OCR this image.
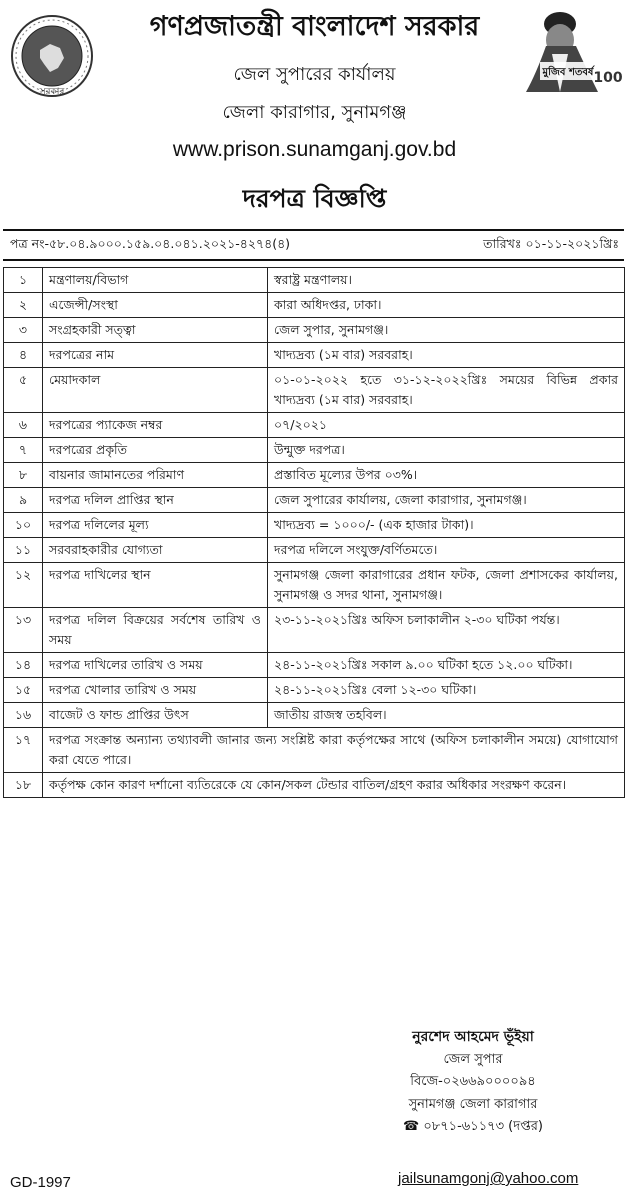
সরকার
মুজিব শতবর্ষ 100
গণপ্রজাতন্ত্রী বাংলাদেশ সরকার
জেল সুপারের কার্যালয়
জেলা কারাগার, সুনামগঞ্জ
www.prison.sunamganj.gov.bd
দরপত্র বিজ্ঞপ্তি
পত্র নং-৫৮.০৪.৯০০০.১৫৯.০৪.০৪১.২০২১-৪২৭৪(৪)	তারিখঃ ০১-১১-২০২১খ্রিঃ
১	মন্ত্রণালয়/বিভাগ	স্বরাষ্ট্র মন্ত্রণালয়।
২	এজেন্সী/সংস্থা	কারা অধিদপ্তর, ঢাকা।
৩	সংগ্রহকারী সত্ত্বা	জেল সুপার, সুনামগঞ্জ।
৪	দরপত্রের নাম	খাদ্যদ্রব্য (১ম বার) সরবরাহ।
৫	মেয়াদকাল	০১-০১-২০২২ হতে ৩১-১২-২০২২খ্রিঃ সময়ের বিভিন্ন প্রকার খাদ্যদ্রব্য (১ম বার) সরবরাহ।
৬	দরপত্রের প্যাকেজ নম্বর	০৭/২০২১
৭	দরপত্রের প্রকৃতি	উন্মুক্ত দরপত্র।
৮	বায়নার জামানতের পরিমাণ	প্রস্তাবিত মূল্যের উপর ০৩%।
৯	দরপত্র দলিল প্রাপ্তির স্থান	জেল সুপারের কার্যালয়, জেলা কারাগার, সুনামগঞ্জ।
১০	দরপত্র দলিলের মূল্য	খাদ্যদ্রব্য = ১০০০/- (এক হাজার টাকা)।
১১	সরবরাহকারীর যোগ্যতা	দরপত্র দলিলে সংযুক্ত/বর্ণিতমতে।
১২	দরপত্র দাখিলের স্থান	সুনামগঞ্জ জেলা কারাগারের প্রধান ফটক, জেলা প্রশাসকের কার্যালয়, সুনামগঞ্জ ও সদর থানা, সুনামগঞ্জ।
১৩	দরপত্র দলিল বিক্রয়ের সর্বশেষ তারিখ ও সময়	২৩-১১-২০২১খ্রিঃ অফিস চলাকালীন ২-৩০ ঘটিকা পর্যন্ত।
১৪	দরপত্র দাখিলের তারিখ ও সময়	২৪-১১-২০২১খ্রিঃ সকাল ৯.০০ ঘটিকা হতে ১২.০০ ঘটিকা।
১৫	দরপত্র খোলার তারিখ ও সময়	২৪-১১-২০২১খ্রিঃ বেলা ১২-৩০ ঘটিকা।
১৬	বাজেট ও ফান্ড প্রাপ্তির উৎস	জাতীয় রাজস্ব তহবিল।
১৭	দরপত্র সংক্রান্ত অন্যান্য তথ্যাবলী জানার জন্য সংশ্লিষ্ট কারা কর্তৃপক্ষের সাথে (অফিস চলাকালীন সময়ে) যোগাযোগ করা যেতে পারে।	
১৮	কর্তৃপক্ষ কোন কারণ দর্শানো ব্যতিরেকে যে কোন/সকল টেন্ডার বাতিল/গ্রহণ করার অধিকার সংরক্ষণ করেন।	
নুরশেদ আহমেদ ভূঁইয়া
জেল সুপার
বিজে-০২৬৬৯০০০০৯৪
সুনামগঞ্জ জেলা কারাগার
☎ ০৮৭১-৬১১৭৩ (দপ্তর)
GD-1997	jailsunamgonj@yahoo.com
